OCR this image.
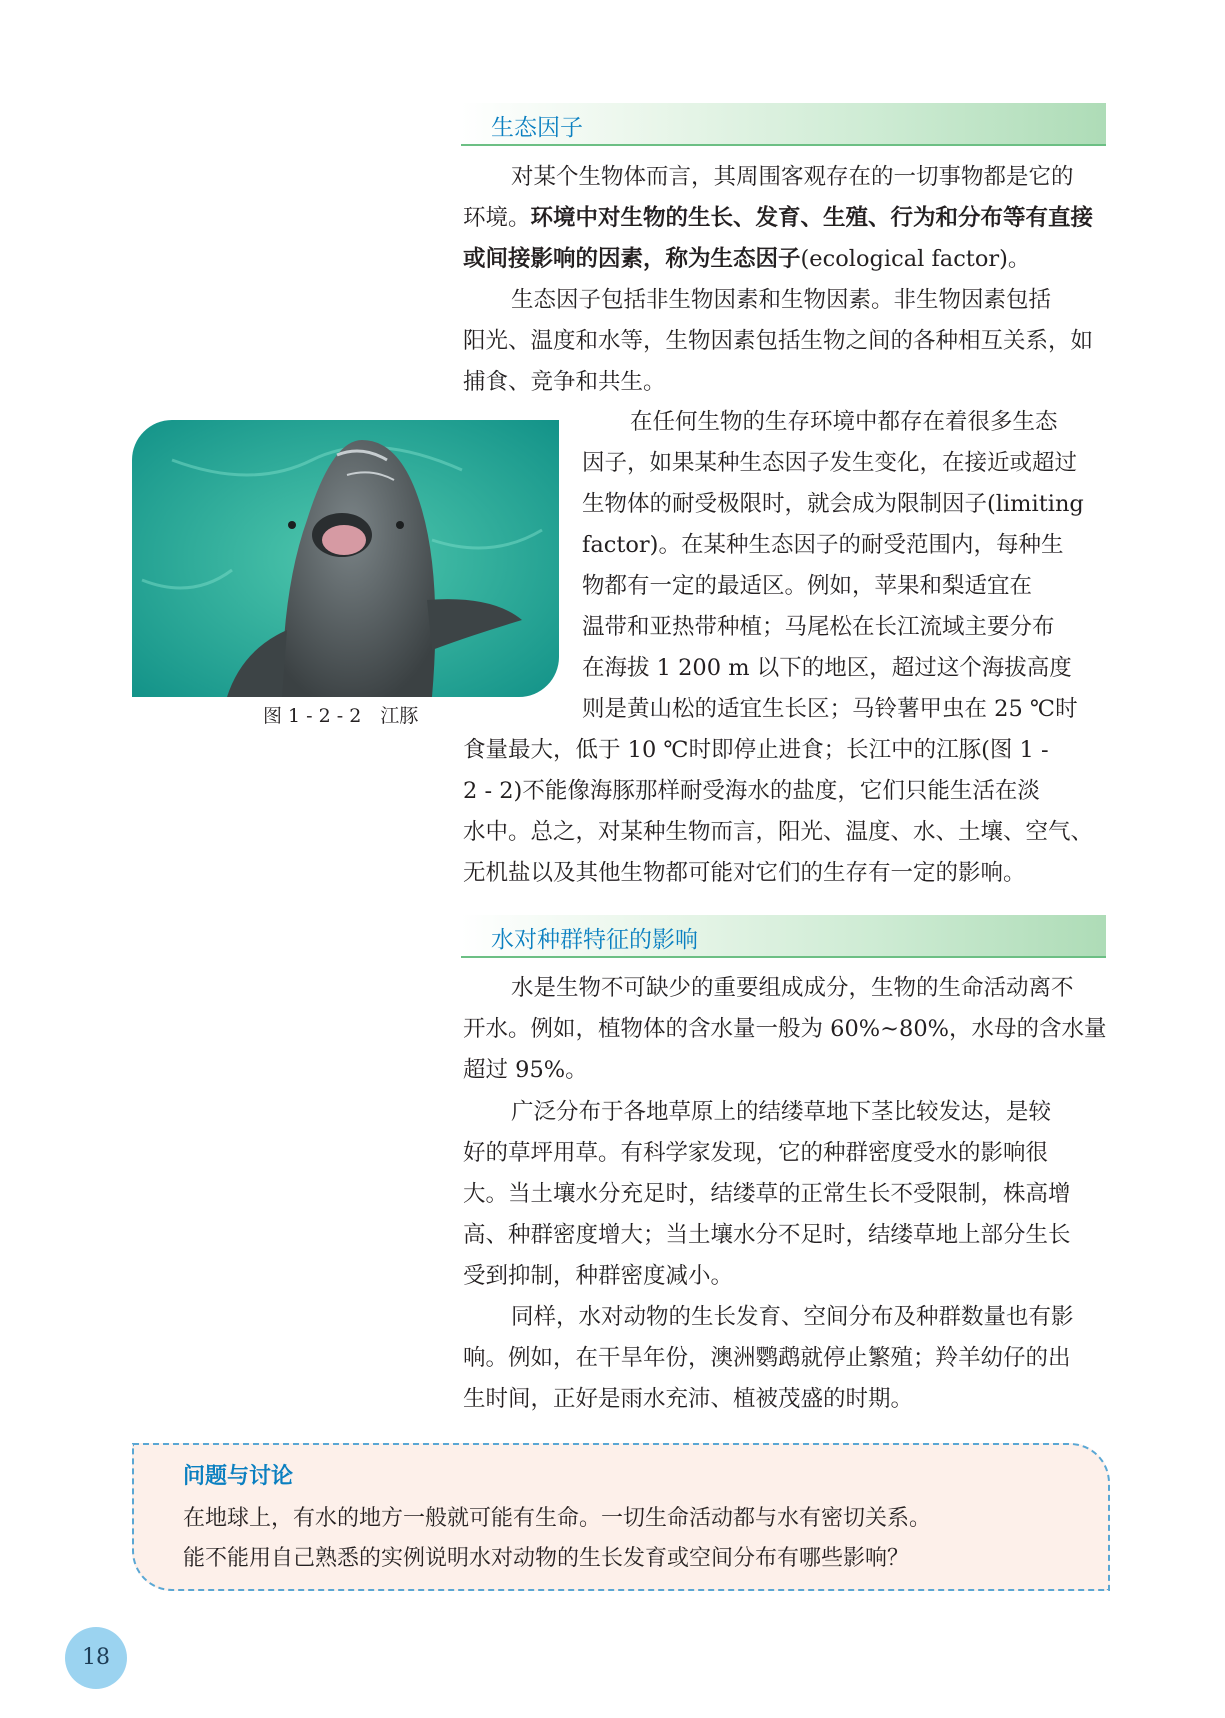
生态因子
对某个生物体而言，其周围客观存在的一切事物都是它的
环境。环境中对生物的生长、发育、生殖、行为和分布等有直接
或间接影响的因素，称为生态因子(ecological factor)。
生态因子包括非生物因素和生物因素。非生物因素包括
阳光、温度和水等，生物因素包括生物之间的各种相互关系，如
捕食、竞争和共生。
图 1 - 2 - 2　江豚
在任何生物的生存环境中都存在着很多生态
因子，如果某种生态因子发生变化，在接近或超过
生物体的耐受极限时，就会成为限制因子(limiting
factor)。在某种生态因子的耐受范围内，每种生
物都有一定的最适区。例如，苹果和梨适宜在
温带和亚热带种植；马尾松在长江流域主要分布
在海拔 1 200 m 以下的地区，超过这个海拔高度
则是黄山松的适宜生长区；马铃薯甲虫在 25 ℃时
食量最大，低于 10 ℃时即停止进食；长江中的江豚(图 1 -
2 - 2)不能像海豚那样耐受海水的盐度，它们只能生活在淡
水中。总之，对某种生物而言，阳光、温度、水、土壤、空气、
无机盐以及其他生物都可能对它们的生存有一定的影响。
水对种群特征的影响
水是生物不可缺少的重要组成成分，生物的生命活动离不
开水。例如，植物体的含水量一般为 60%~80%，水母的含水量
超过 95%。
广泛分布于各地草原上的结缕草地下茎比较发达，是较
好的草坪用草。有科学家发现，它的种群密度受水的影响很
大。当土壤水分充足时，结缕草的正常生长不受限制，株高增
高、种群密度增大；当土壤水分不足时，结缕草地上部分生长
受到抑制，种群密度减小。
同样，水对动物的生长发育、空间分布及种群数量也有影
响。例如，在干旱年份，澳洲鹦鹉就停止繁殖；羚羊幼仔的出
生时间，正好是雨水充沛、植被茂盛的时期。
问题与讨论
在地球上，有水的地方一般就可能有生命。一切生命活动都与水有密切关系。
能不能用自己熟悉的实例说明水对动物的生长发育或空间分布有哪些影响？
18
